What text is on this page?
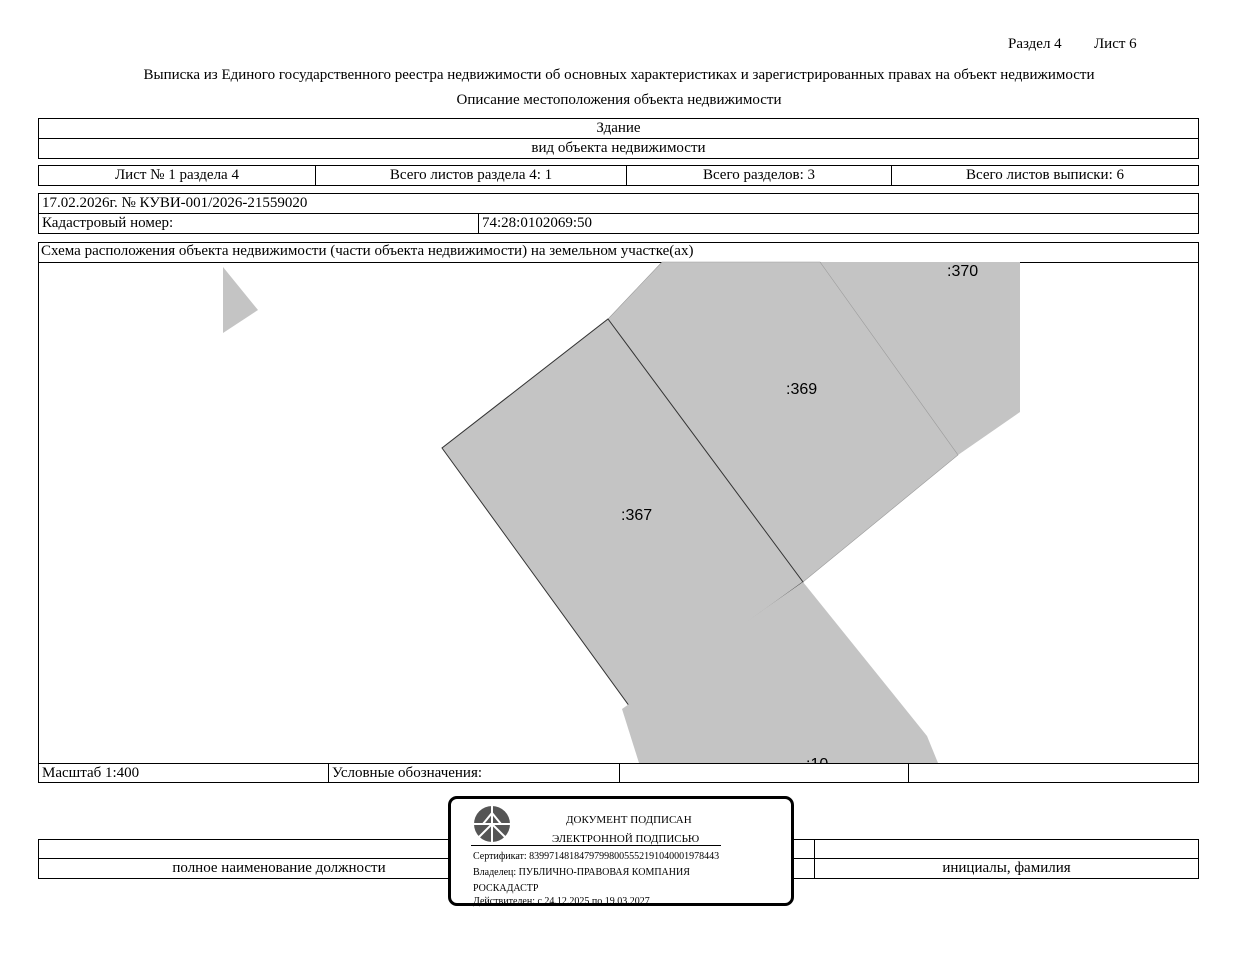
Раздел 4 Лист 6
Выписка из Единого государственного реестра недвижимости об основных характеристиках и зарегистрированных правах на объект недвижимости
Описание местоположения объекта недвижимости
Здание
вид объекта недвижимости
Лист № 1 раздела 4	Всего листов раздела 4: 1	Всего разделов: 3	Всего листов выписки: 6
17.02.2026г. № КУВИ-001/2026-21559020
Кадастровый номер:	74:28:0102069:50
Схема расположения объекта недвижимости (части объекта недвижимости) на земельном участке(ах)
:370
:369
:367
Масштаб 1:400	Условные обозначения:
полное наименование должности	инициалы, фамилия
ДОКУМЕНТ ПОДПИСАН
ЭЛЕКТРОННОЙ ПОДПИСЬЮ
Сертификат: 839971481847979980055521910400019784​43
Владелец: ПУБЛИЧНО-ПРАВОВАЯ КОМПАНИЯ
РОСКАДАСТР
Действителен: с 24.12.2025 по 19.03.2027
